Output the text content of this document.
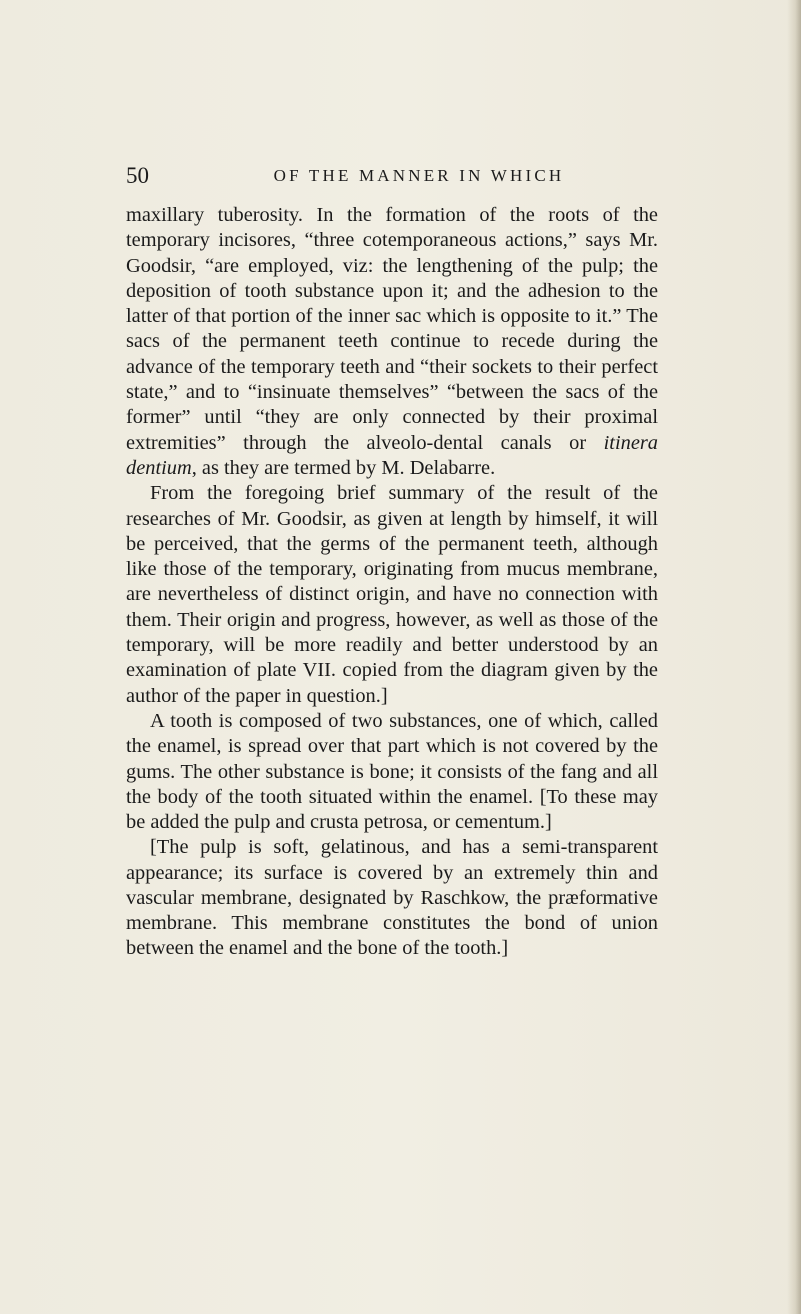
50	OF THE MANNER IN WHICH

maxillary tuberosity. In the formation of the roots of the temporary incisores, “three cotemporaneous actions,” says Mr. Goodsir, “are employed, viz: the lengthening of the pulp; the deposition of tooth substance upon it; and the adhesion to the latter of that portion of the inner sac which is opposite to it.” The sacs of the permanent teeth continue to recede during the advance of the temporary teeth and “their sockets to their perfect state,” and to “insinuate themselves” “between the sacs of the former” until “they are only connected by their proximal extremities” through the alveolo-dental canals or itinera dentium, as they are termed by M. Delabarre.

From the foregoing brief summary of the result of the researches of Mr. Goodsir, as given at length by himself, it will be perceived, that the germs of the permanent teeth, although like those of the temporary, originating from mucus membrane, are nevertheless of distinct origin, and have no connection with them. Their origin and progress, however, as well as those of the temporary, will be more readily and better understood by an examination of plate VII. copied from the diagram given by the author of the paper in question.]

A tooth is composed of two substances, one of which, called the enamel, is spread over that part which is not covered by the gums. The other substance is bone; it consists of the fang and all the body of the tooth situated within the enamel. [To these may be added the pulp and crusta petrosa, or cementum.]

[The pulp is soft, gelatinous, and has a semi-transparent appearance; its surface is covered by an extremely thin and vascular membrane, designated by Raschkow, the præformative membrane. This membrane constitutes the bond of union between the enamel and the bone of the tooth.]
